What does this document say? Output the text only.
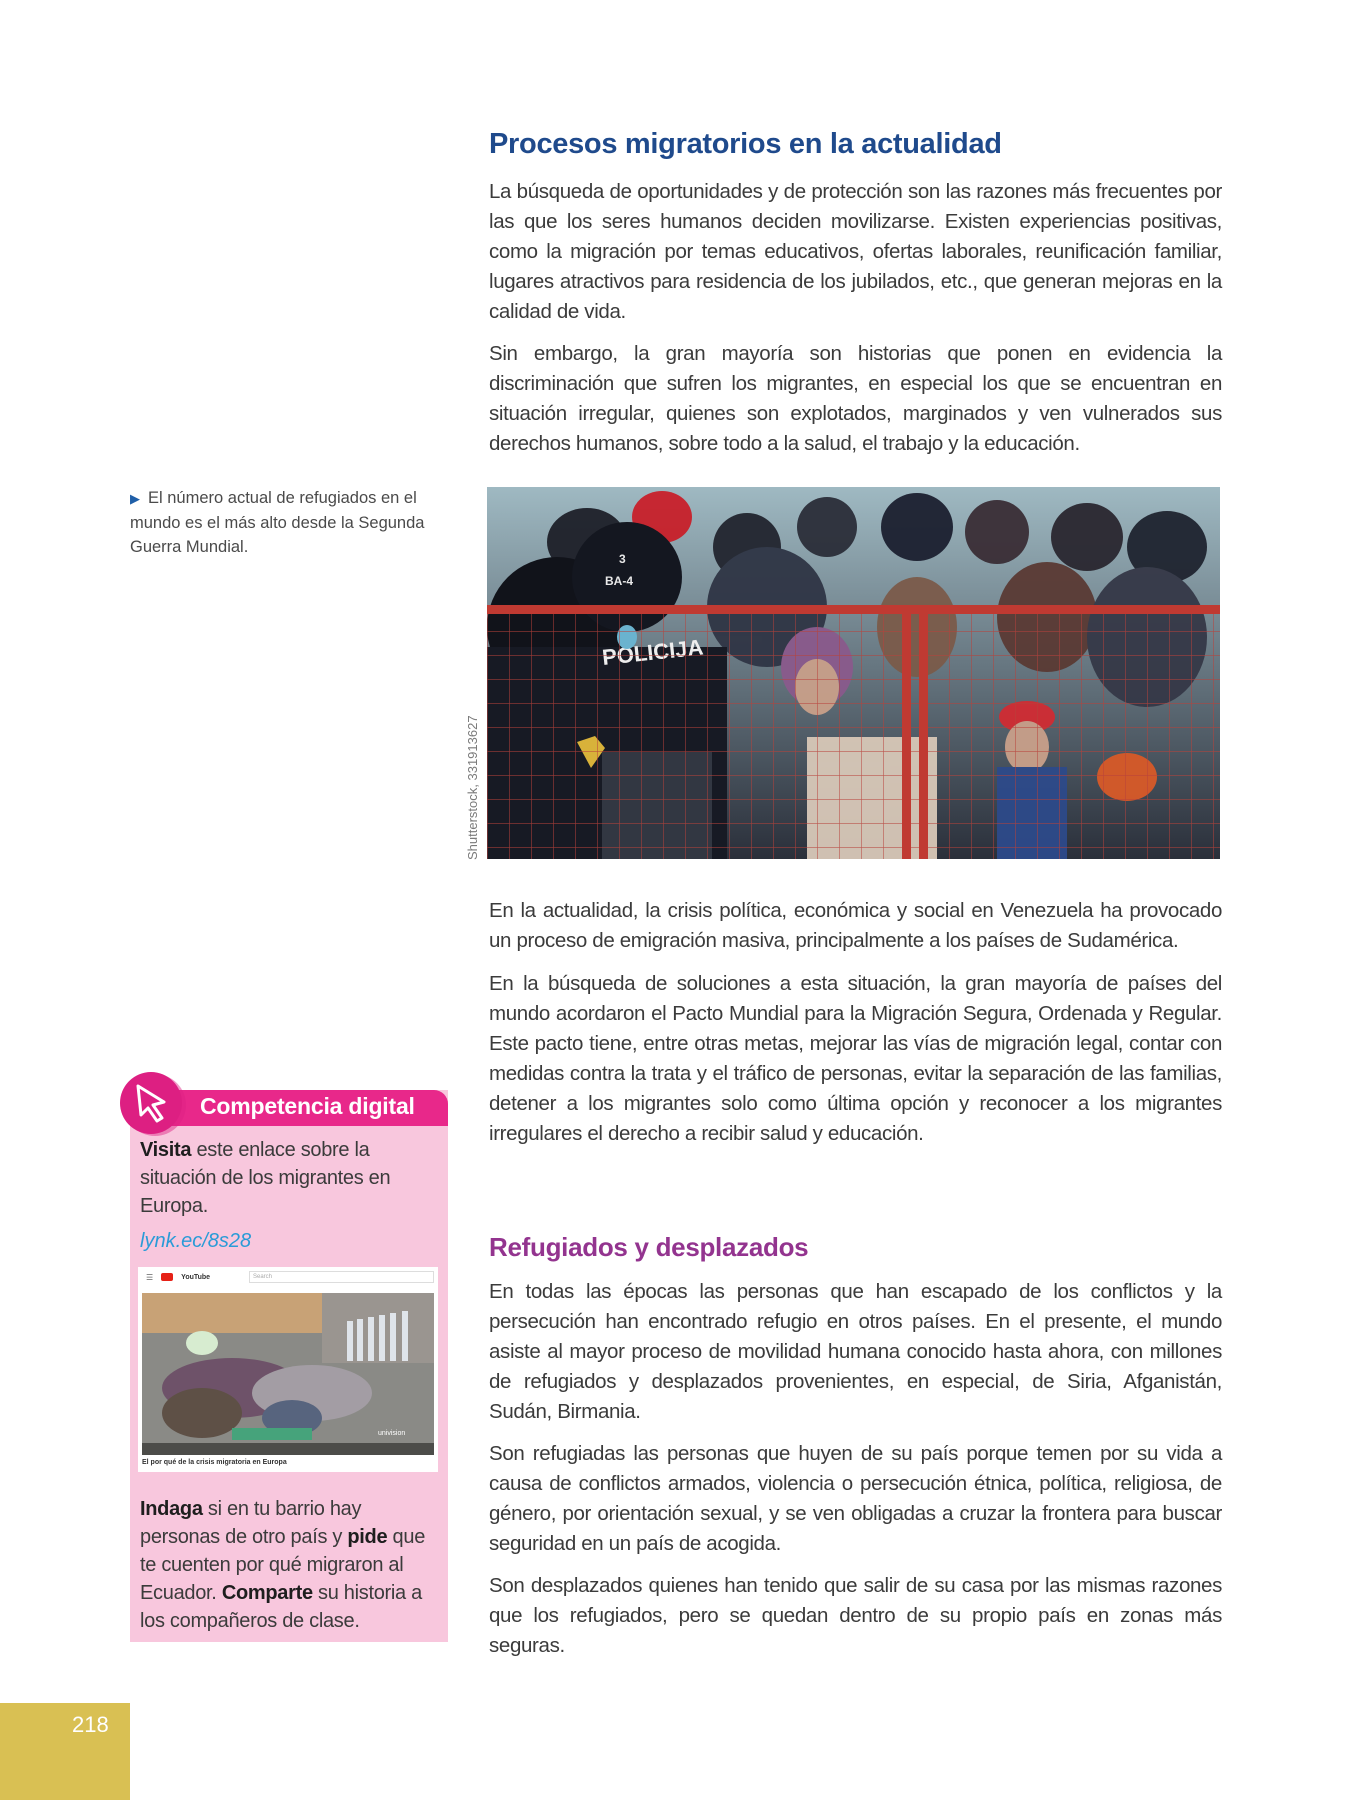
Procesos migratorios en la actualidad

La búsqueda de oportunidades y de protección son las razones más frecuentes por las que los seres humanos deciden movilizarse. Existen experiencias positivas, como la migración por temas educativos, ofertas laborales, reunificación familiar, lugares atractivos para residencia de los jubilados, etc., que generan mejoras en la calidad de vida.

Sin embargo, la gran mayoría son historias que ponen en evidencia la discriminación que sufren los migrantes, en especial los que se encuentran en situación irregular, quienes son explotados, marginados y ven vulnerados sus derechos humanos, sobre todo a la salud, el trabajo y la educación.

▶ El número actual de refugiados en el mundo es el más alto desde la Segunda Guerra Mundial.
3
BA-4
Shutterstock, 331913627

En la actualidad, la crisis política, económica y social en Venezuela ha provocado un proceso de emigración masiva, principalmente a los países de Sudamérica.

En la búsqueda de soluciones a esta situación, la gran mayoría de países del mundo acordaron el Pacto Mundial para la Migración Segura, Ordenada y Regular. Este pacto tiene, entre otras metas, mejorar las vías de migración legal, contar con medidas contra la trata y el tráfico de personas, evitar la separación de las familias, detener a los migrantes solo como última opción y reconocer a los migrantes irregulares el derecho a recibir salud y educación.

Refugiados y desplazados

En todas las épocas las personas que han escapado de los conflictos y la persecución han encontrado refugio en otros países. En el presente, el mundo asiste al mayor proceso de movilidad humana conocido hasta ahora, con millones de refugiados y desplazados provenientes, en especial, de Siria, Afganistán, Sudán, Birmania.

Son refugiadas las personas que huyen de su país porque temen por su vida a causa de conflictos armados, violencia o persecución étnica, política, religiosa, de género, por orientación sexual, y se ven obligadas a cruzar la frontera para buscar seguridad en un país de acogida.

Son desplazados quienes han tenido que salir de su casa por las mismas razones que los refugiados, pero se quedan dentro de su propio país en zonas más seguras.

Competencia digital
Visita este enlace sobre la situación de los migrantes en Europa.
lynk.ec/8s28
☰	YouTube	Search
univision
El por qué de la crisis migratoria en Europa
Indaga si en tu barrio hay personas de otro país y pide que te cuenten por qué migraron al Ecuador. Comparte su historia a los compañeros de clase.
218
